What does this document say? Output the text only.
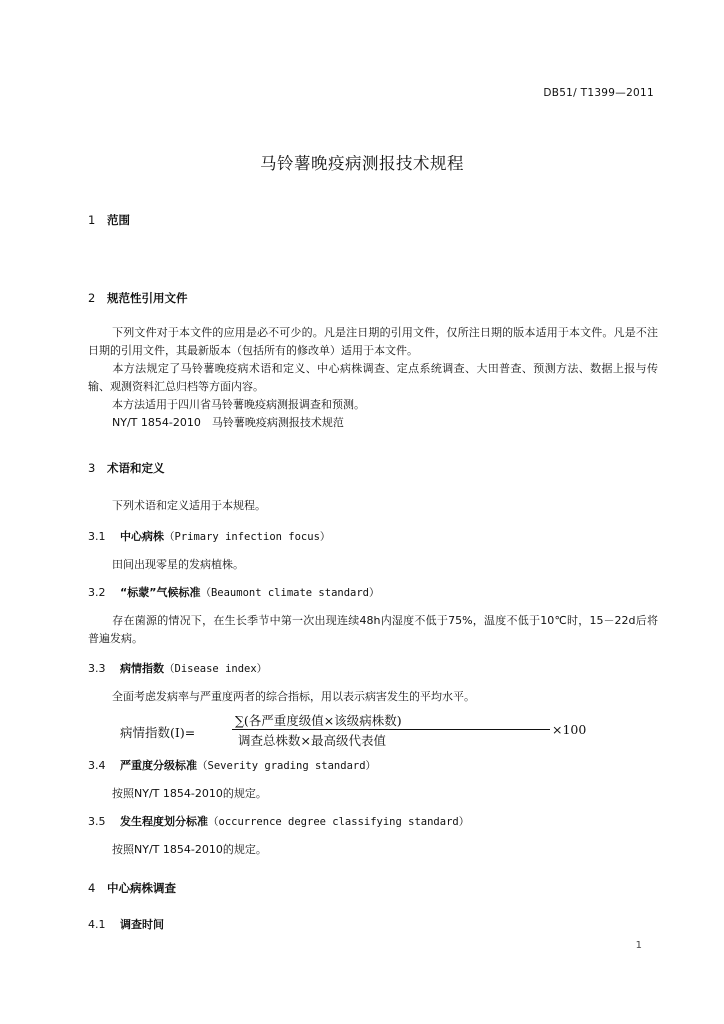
DB51/ T1399—2011
马铃薯晚疫病测报技术规程
1 范围
2 规范性引用文件
下列文件对于本文件的应用是必不可少的。凡是注日期的引用文件，仅所注日期的版本适用于本文件。凡是不注日期的引用文件，其最新版本（包括所有的修改单）适用于本文件。
本方法规定了马铃薯晚疫病术语和定义、中心病株调查、定点系统调查、大田普查、预测方法、数据上报与传输、观测资料汇总归档等方面内容。
本方法适用于四川省马铃薯晚疫病测报调查和预测。
NY/T 1854-2010　马铃薯晚疫病测报技术规范
3 术语和定义
下列术语和定义适用于本规程。
3.1 中心病株（Primary infection focus）
田间出现零星的发病植株。
3.2 “标蒙”气候标准（Beaumont climate standard）
存在菌源的情况下，在生长季节中第一次出现连续48h内湿度不低于75%，温度不低于10℃时，15－22d后将普遍发病。
3.3 病情指数（Disease index）
全面考虑发病率与严重度两者的综合指标，用以表示病害发生的平均水平。
病情指数(I)=
∑(各严重度级值×该级病株数)
调查总株数×最高级代表值
×100
3.4 严重度分级标准（Severity grading standard）
按照NY/T 1854-2010的规定。
3.5 发生程度划分标准（occurrence degree classifying standard）
按照NY/T 1854-2010的规定。
4 中心病株调查
4.1 调查时间
1
